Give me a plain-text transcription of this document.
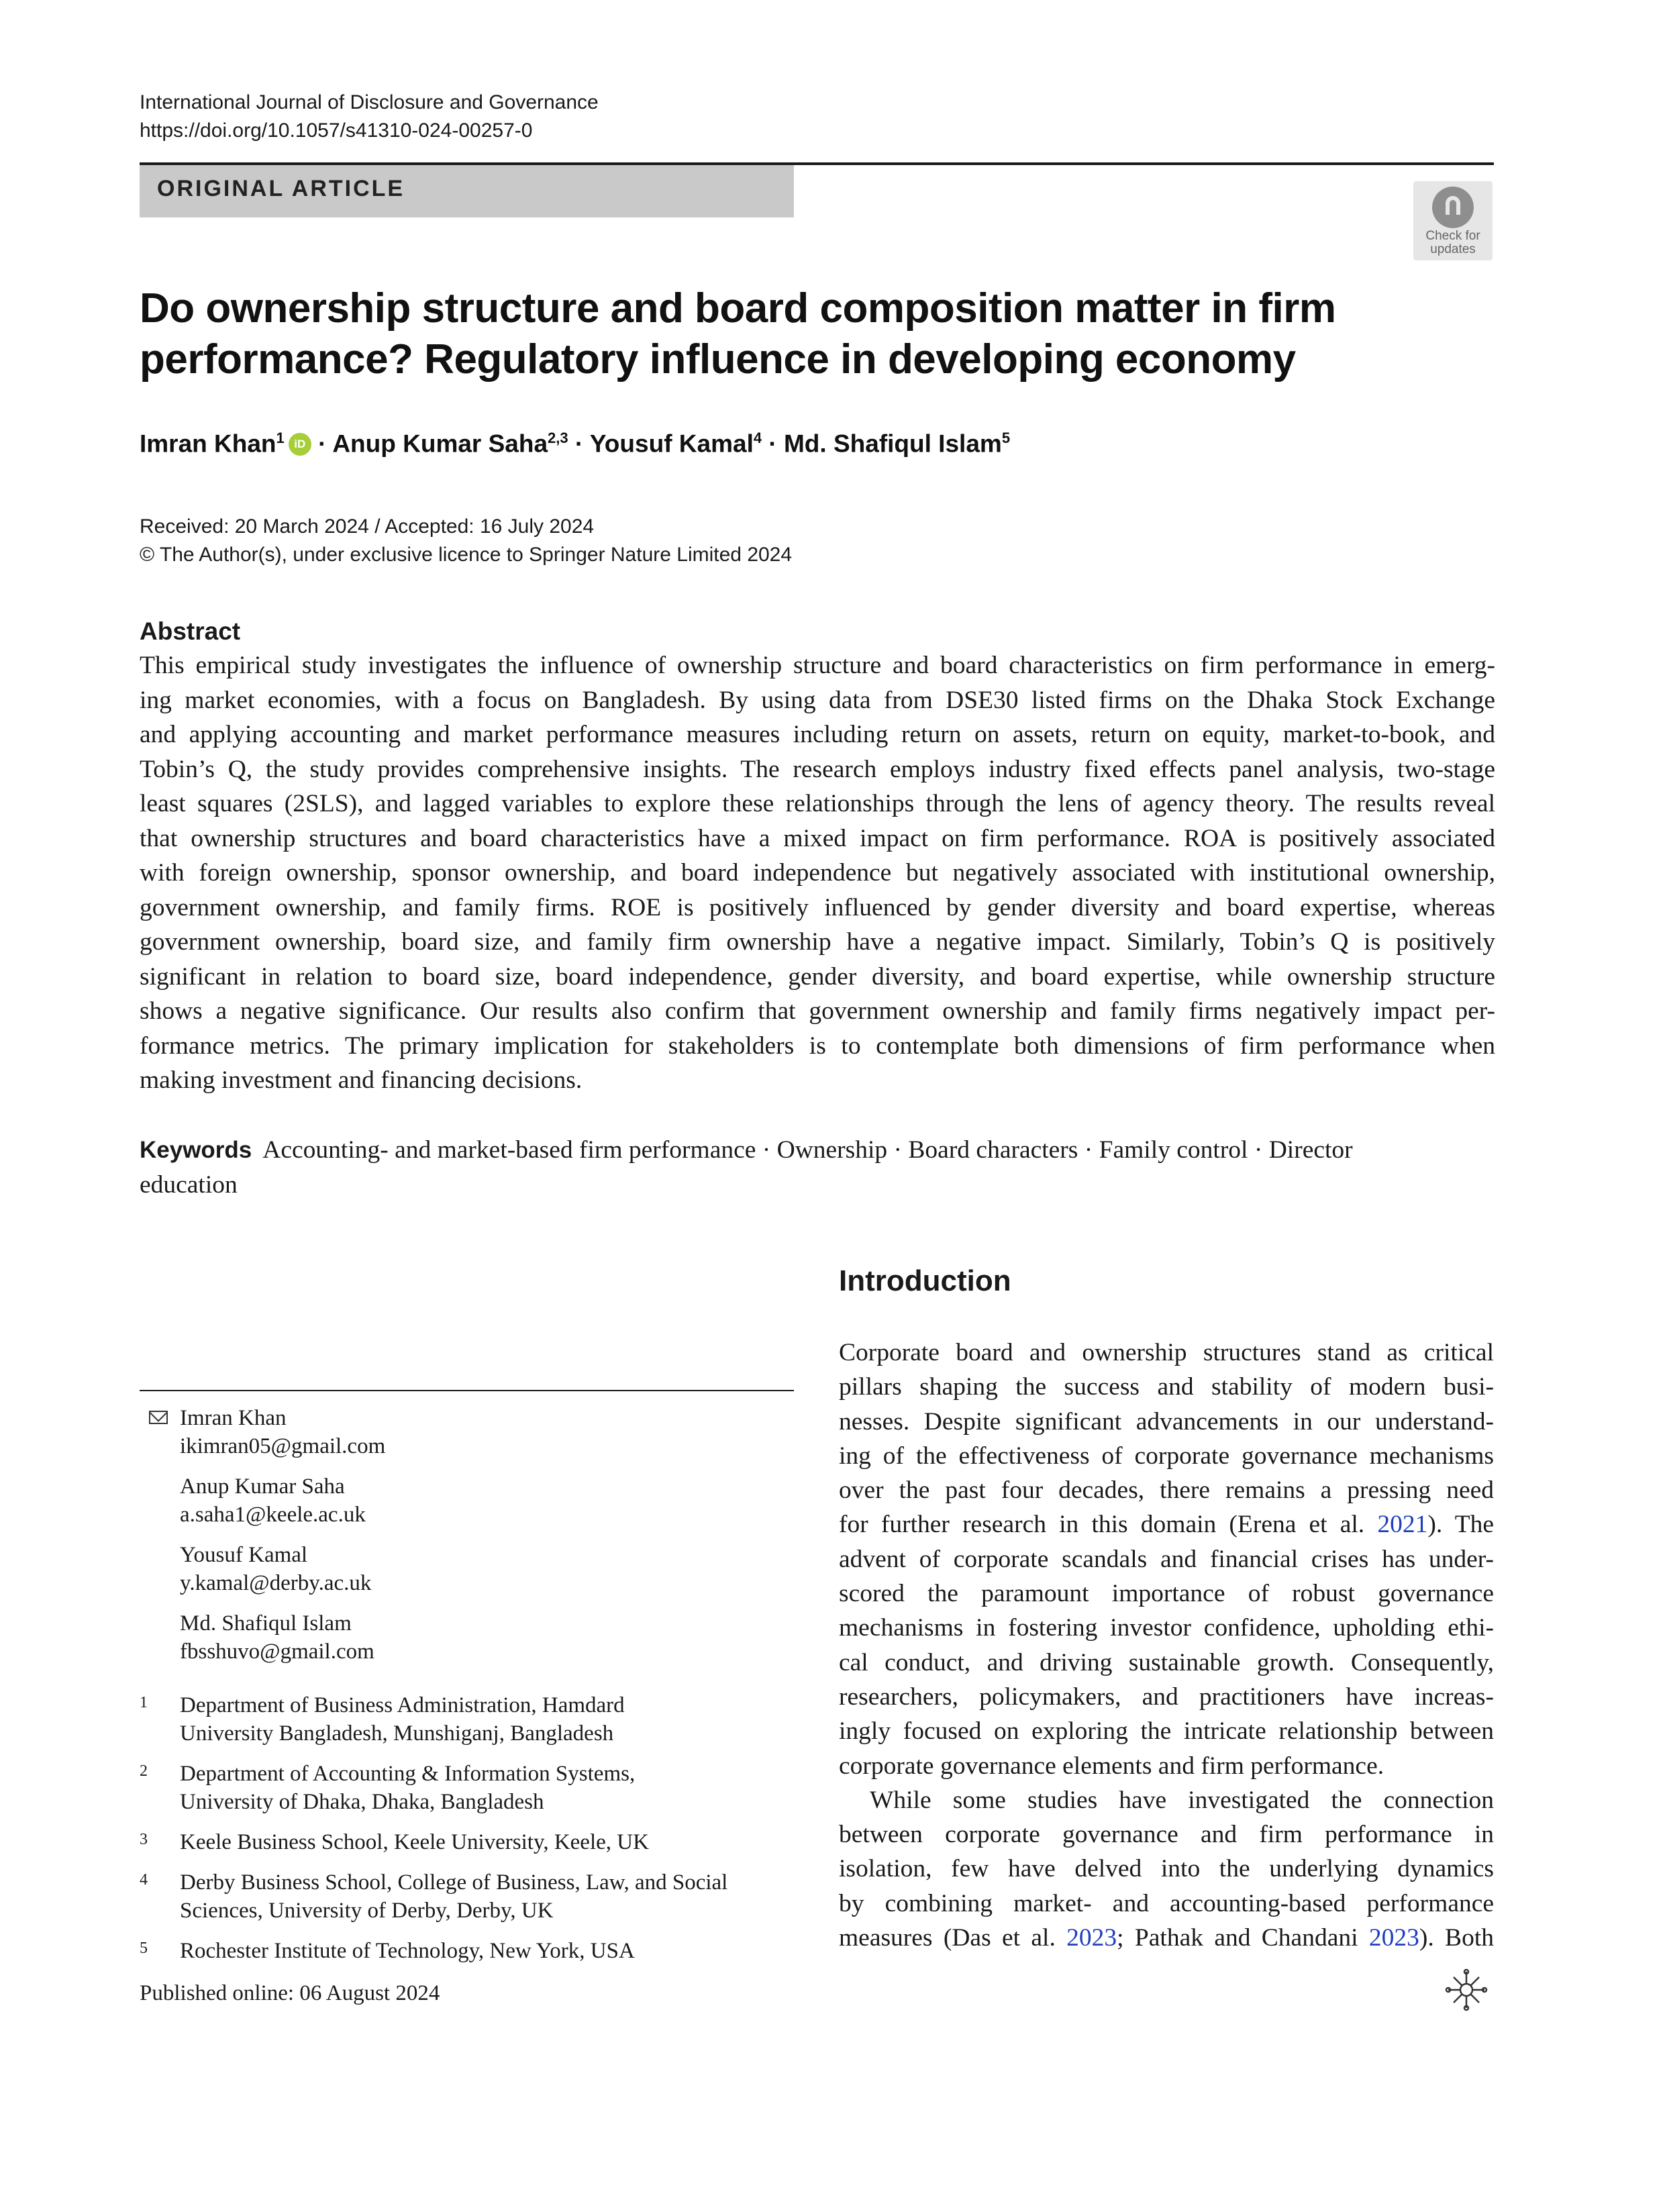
International Journal of Disclosure and Governance
https://doi.org/10.1057/s41310-024-00257-0
ORIGINAL ARTICLE
Check for
updates
Do ownership structure and board composition matter in firm
performance? Regulatory influence in developing economy
Imran Khan$^1$ iD · Anup Kumar Saha$^{2,3}$ · Yousuf Kamal$^4$ · Md. Shafiqul Islam$^5$
Received: 20 March 2024 / Accepted: 16 July 2024
© The Author(s), under exclusive licence to Springer Nature Limited 2024
Abstract
This empirical study investigates the influence of ownership structure and board characteristics on firm performance in emerg-
ing market economies, with a focus on Bangladesh. By using data from DSE30 listed firms on the Dhaka Stock Exchange
and applying accounting and market performance measures including return on assets, return on equity, market-to-book, and
Tobin’s Q, the study provides comprehensive insights. The research employs industry fixed effects panel analysis, two-stage
least squares (2SLS), and lagged variables to explore these relationships through the lens of agency theory. The results reveal
that ownership structures and board characteristics have a mixed impact on firm performance. ROA is positively associated
with foreign ownership, sponsor ownership, and board independence but negatively associated with institutional ownership,
government ownership, and family firms. ROE is positively influenced by gender diversity and board expertise, whereas
government ownership, board size, and family firm ownership have a negative impact. Similarly, Tobin’s Q is positively
significant in relation to board size, board independence, gender diversity, and board expertise, while ownership structure
shows a negative significance. Our results also confirm that government ownership and family firms negatively impact per-
formance metrics. The primary implication for stakeholders is to contemplate both dimensions of firm performance when
making investment and financing decisions.
Keywords Accounting- and market-based firm performance · Ownership · Board characters · Family control · Director
education
Introduction
Corporate board and ownership structures stand as critical
pillars shaping the success and stability of modern busi-
nesses. Despite significant advancements in our understand-
ing of the effectiveness of corporate governance mechanisms
over the past four decades, there remains a pressing need
for further research in this domain (Erena et al. 2021). The
advent of corporate scandals and financial crises has under-
scored the paramount importance of robust governance
mechanisms in fostering investor confidence, upholding ethi-
cal conduct, and driving sustainable growth. Consequently,
researchers, policymakers, and practitioners have increas-
ingly focused on exploring the intricate relationship between
corporate governance elements and firm performance.
While some studies have investigated the connection
between corporate governance and firm performance in
isolation, few have delved into the underlying dynamics
by combining market- and accounting-based performance
measures (Das et al. 2023; Pathak and Chandani 2023). Both
Imran Khan
ikimran05@gmail.com
Anup Kumar Saha
a.saha1@keele.ac.uk
Yousuf Kamal
y.kamal@derby.ac.uk
Md. Shafiqul Islam
fbsshuvo@gmail.com
1 Department of Business Administration, Hamdard
University Bangladesh, Munshiganj, Bangladesh
2 Department of Accounting & Information Systems,
University of Dhaka, Dhaka, Bangladesh
3 Keele Business School, Keele University, Keele, UK
4 Derby Business School, College of Business, Law, and Social
Sciences, University of Derby, Derby, UK
5 Rochester Institute of Technology, New York, USA
Published online: 06 August 2024
